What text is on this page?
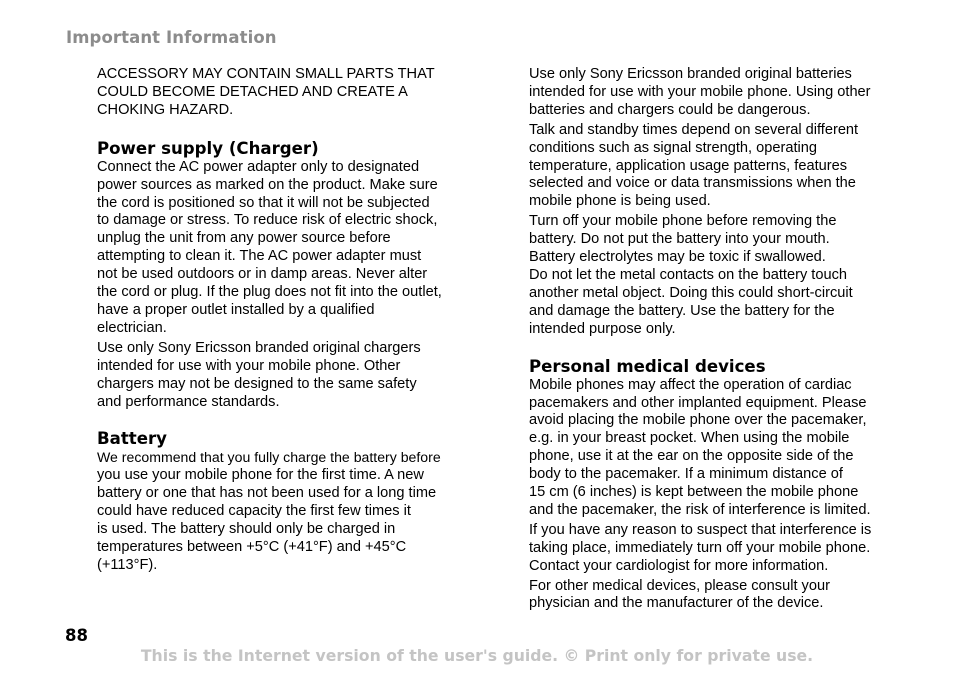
Important Information

ACCESSORY MAY CONTAIN SMALL PARTS THAT
COULD BECOME DETACHED AND CREATE A
CHOKING HAZARD.

Power supply (Charger)

Connect the AC power adapter only to designated
power sources as marked on the product. Make sure
the cord is positioned so that it will not be subjected
to damage or stress. To reduce risk of electric shock,
unplug the unit from any power source before
attempting to clean it. The AC power adapter must
not be used outdoors or in damp areas. Never alter
the cord or plug. If the plug does not fit into the outlet,
have a proper outlet installed by a qualified
electrician.

Use only Sony Ericsson branded original chargers
intended for use with your mobile phone. Other
chargers may not be designed to the same safety
and performance standards.

Battery

We recommend that you fully charge the battery before

you use your mobile phone for the first time. A new
battery or one that has not been used for a long time
could have reduced capacity the first few times it
is used. The battery should only be charged in
temperatures between +5°C (+41°F) and +45°C
(+113°F).

Use only Sony Ericsson branded original batteries
intended for use with your mobile phone. Using other
batteries and chargers could be dangerous.

Talk and standby times depend on several different
conditions such as signal strength, operating
temperature, application usage patterns, features
selected and voice or data transmissions when the
mobile phone is being used.

Turn off your mobile phone before removing the
battery. Do not put the battery into your mouth.
Battery electrolytes may be toxic if swallowed.
Do not let the metal contacts on the battery touch
another metal object. Doing this could short-circuit
and damage the battery. Use the battery for the
intended purpose only.

Personal medical devices

Mobile phones may affect the operation of cardiac
pacemakers and other implanted equipment. Please
avoid placing the mobile phone over the pacemaker,
e.g. in your breast pocket. When using the mobile
phone, use it at the ear on the opposite side of the
body to the pacemaker. If a minimum distance of
15 cm (6 inches) is kept between the mobile phone
and the pacemaker, the risk of interference is limited.

If you have any reason to suspect that interference is
taking place, immediately turn off your mobile phone.
Contact your cardiologist for more information.

For other medical devices, please consult your
physician and the manufacturer of the device.

88
This is the Internet version of the user's guide. © Print only for private use.
